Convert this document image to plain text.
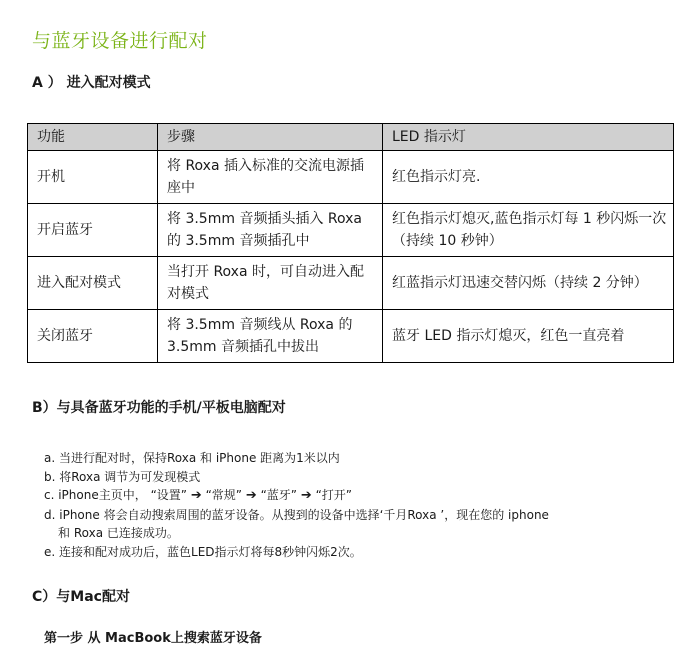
与蓝牙设备进行配对
A ） 进入配对模式
功能	步骤	LED 指示灯
开机	将 Roxa 插入标准的交流电源插座中	红色指示灯亮.
开启蓝牙	将 3.5mm 音频插头插入 Roxa 的 3.5mm 音频插孔中	红色指示灯熄灭,蓝色指示灯每 1 秒闪烁一次（持续 10 秒钟）
进入配对模式	当打开 Roxa 时，可自动进入配对模式	红蓝指示灯迅速交替闪烁（持续 2 分钟）
关闭蓝牙	将 3.5mm 音频线从 Roxa 的 3.5mm 音频插孔中拔出	蓝牙 LED 指示灯熄灭，红色一直亮着
B）与具备蓝牙功能的手机/平板电脑配对
a. 当进行配对时，保持Roxa 和 iPhone 距离为1米以内
b. 将Roxa 调节为可发现模式
c. iPhone主页中， “设置” ➔ “常规” ➔ “蓝牙” ➔ “打开”
d. iPhone 将会自动搜索周围的蓝牙设备。从搜到的设备中选择‘千月Roxa ’，现在您的 iphone
和 Roxa 已连接成功。
e. 连接和配对成功后，蓝色LED指示灯将每8秒钟闪烁2次。
C）与Mac配对
第一步 从 MacBook上搜索蓝牙设备
